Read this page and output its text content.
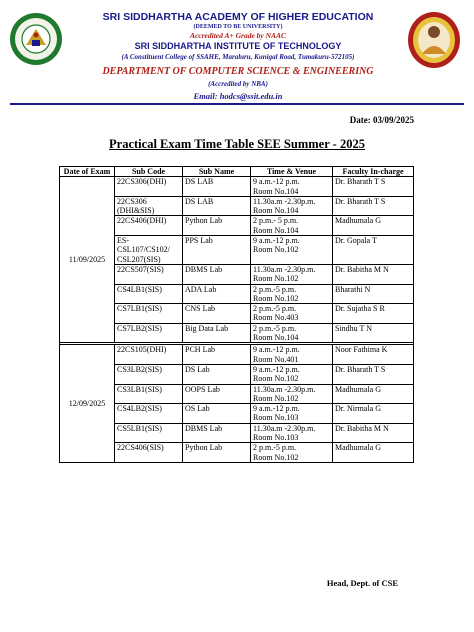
SRI SIDDHARTHA ACADEMY OF HIGHER EDUCATION
(DEEMED TO BE UNIVERSITY)
Accredited A+ Grade by NAAC
SRI SIDDHARTHA INSTITUTE OF TECHNOLOGY
(A Constituent College of SSAHE, Maraluru, Kunigal Road, Tumakuru-572105)
DEPARTMENT OF COMPUTER SCIENCE & ENGINEERING
(Accredited by NBA)
Email: hodcs@ssit.edu.in
Date: 03/09/2025
Practical Exam Time Table SEE Summer - 2025
Date of Exam	Sub Code	Sub Name	Time & Venue	Faculty In-charge
11/09/2025	22CS306(DHI)	DS LAB	9 a.m.-12 p.m.
Room No.104	Dr. Bharath T S
	22CS306 (DHI&SIS)	DS LAB	11.30a.m -2.30p.m.
Room No.104	Dr. Bharath T S
	22CS406(DHI)	Python Lab	2 p.m.- 5 p.m.
Room No.104	Madhumala G
	ES-CSL107/CS102/ CSL207(SIS)	PPS Lab	9 a.m.-12 p.m.
Room No.102	Dr. Gopala T
	22CS507(SIS)	DBMS Lab	11.30a.m -2.30p.m.
Room No.102	Dr. Babitha M N
	CS4LB1(SIS)	ADA Lab	2 p.m.-5 p.m.
Room No.102	Bharathi N
	CS7LB1(SIS)	CNS Lab	2 p.m.-5 p.m.
Room No.403	Dr. Sujatha S R
	CS7LB2(SIS)	Big Data Lab	2 p.m.-5 p.m.
Room No.104	Sindhu T N

12/09/2025	22CS105(DHI)	PCH Lab	9 a.m.-12 p.m.
Room No.401	Noor Fathima K
	CS3LB2(SIS)	DS Lab	9 a.m.-12 p.m.
Room No.102	Dr. Bharath T S
	CS3LB1(SIS)	OOPS Lab	11.30a.m -2.30p.m.
Room No.102	Madhumala G
	CS4LB2(SIS)	OS Lab	9 a.m.-12 p.m.
Room No.103	Dr. Nirmala G
	CS5LB1(SIS)	DBMS Lab	11.30a.m -2.30p.m.
Room No.103	Dr. Babitha M N
	22CS406(SIS)	Python Lab	2 p.m.-5 p.m.
Room No.102	Madhumala G
Head, Dept. of CSE
